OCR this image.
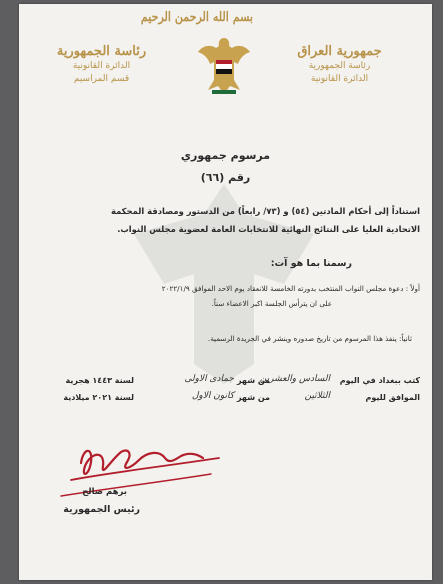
بسم الله الرحمن الرحيم
رئاسة الجمهورية
الدائرة القانونية
قسم المراسيم
جمهورية العراق
رئاسة الجمهورية
الدائرة القانونية
مرسوم جمهوري
رقم (٦٦)
استناداً إلى أحكام المادتين (٥٤) و (٧٣/ رابعاً) من الدستور ومصادقة المحكمة
الاتحادية العليا على النتائج النهائية للانتخابات العامة لعضوية مجلس النواب.
رسمنا بما هو آت:
أولاً : دعوة مجلس النواب المنتخب بدورته الخامسة للانعقاد يوم الاحد الموافق ٢٠٢٢/١/٩
على ان يترأس الجلسة اكبر الاعضاء سناً.
ثانياً: ينفذ هذا المرسوم من تاريخ صدوره وينشر في الجريدة الرسمية.
كتب ببغداد في اليوم
السادس والعشرين
من شهر
جمادى الاولى
لسنة ١٤٤٣ هجرية
الموافق لليوم
الثلاثين
من شهر
كانون الاول
لسنة ٢٠٢١ ميلادية
برهم صالح
رئيس الجمهورية
